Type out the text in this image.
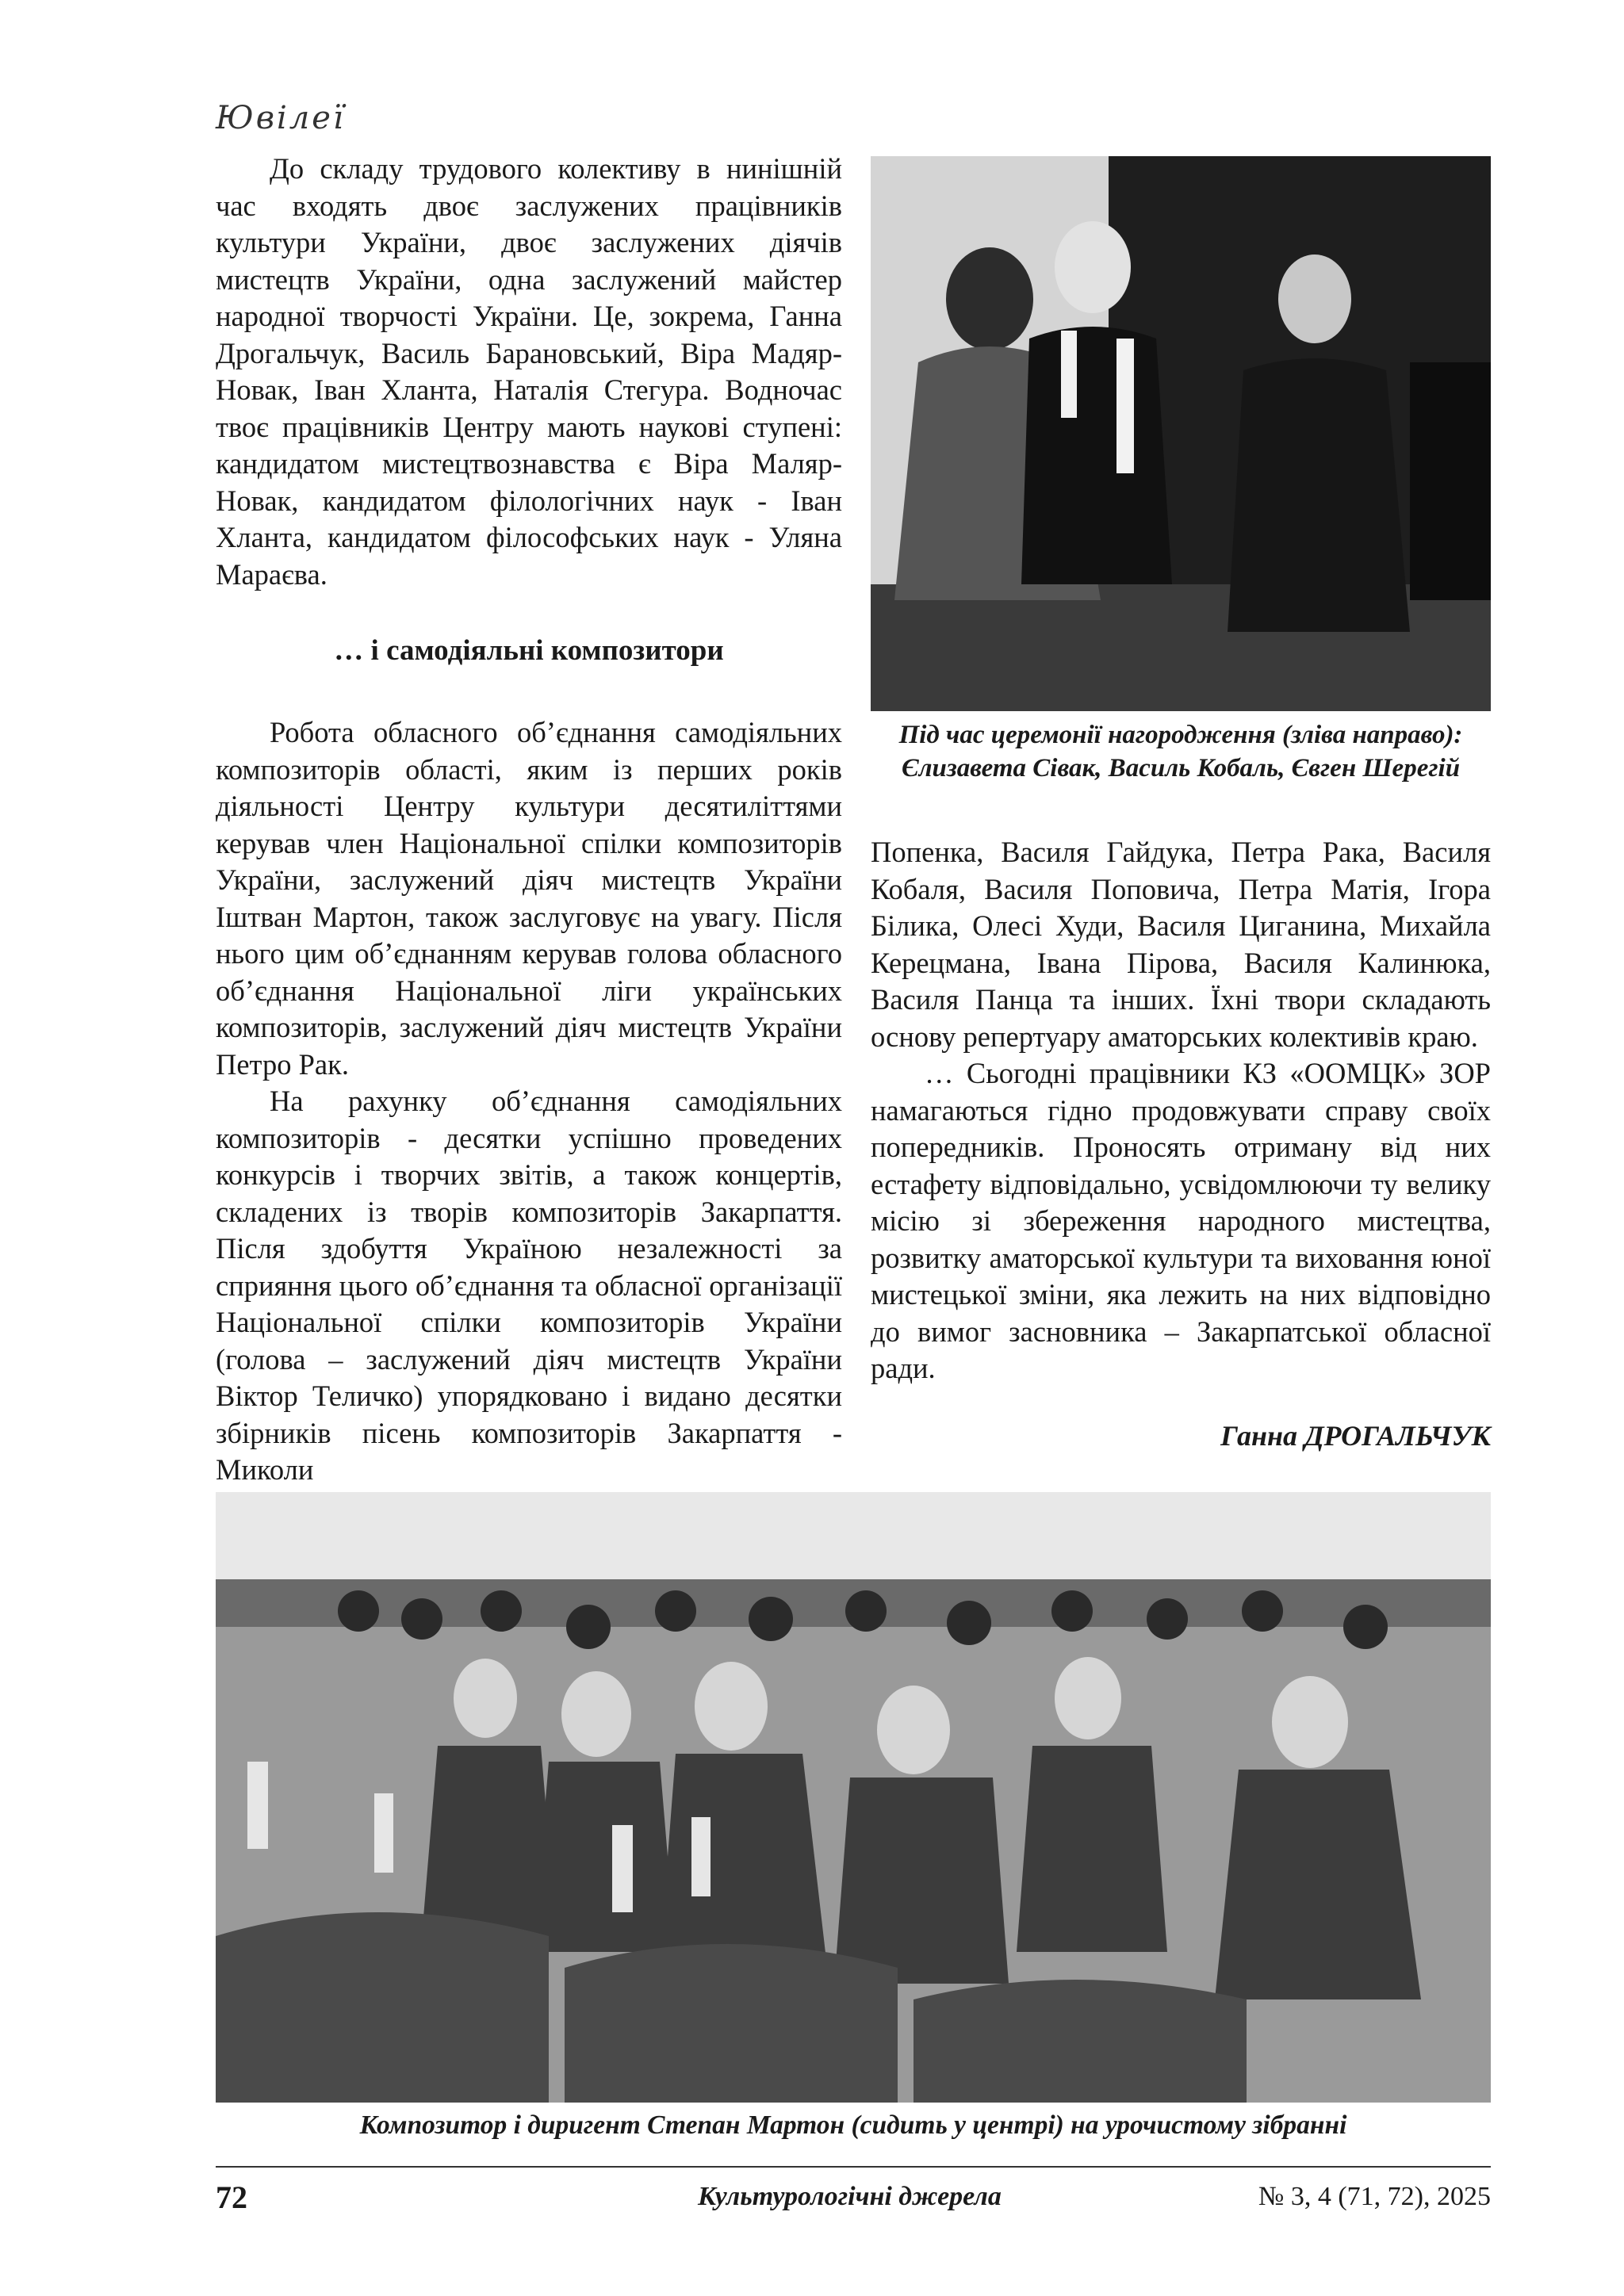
Ювілеї

До складу трудового колективу в нинішній час входять двоє заслужених працівників культури України, двоє заслужених діячів мистецтв України, одна заслужений майстер народної творчості України. Це, зокрема, Ганна Дрогальчук, Василь Барановський, Віра Мадяр-Новак, Іван Хланта, Наталія Стегура. Водночас твоє працівників Центру мають наукові ступені: кандидатом мистецтвознавства є Віра Маляр-Новак, кандидатом філологічних наук - Іван Хланта, кандидатом філософських наук - Уляна Мараєва.

… і самодіяльні композитори

Робота обласного об’єднання самодіяльних композиторів області, яким із перших років діяльності Центру культури десятиліттями керував член Національної спілки композиторів України, заслужений діяч мистецтв України Іштван Мартон, також заслуговує на увагу. Після нього цим об’єднанням керував голова обласного об’єднання Національної ліги українських композиторів, заслужений діяч мистецтв України Петро Рак.

На рахунку об’єднання самодіяльних композиторів - десятки успішно проведених конкурсів і творчих звітів, а також концертів, складених із творів композиторів Закарпаття. Після здобуття Україною незалежності за сприяння цього об’єднання та обласної організації Національної спілки композиторів України (голова – заслужений діяч мистецтв України Віктор Теличко) упорядковано і видано десятки збірників пісень композиторів Закарпаття - Миколи

Під час церемонії нагородження (зліва направо): Єлизавета Сівак, Василь Кобаль, Євген Шерегій

Попенка, Василя Гайдука, Петра Рака, Василя Кобаля, Василя Поповича, Петра Матія, Ігора Білика, Олесі Худи, Василя Циганина, Михайла Керецмана, Івана Пірова, Василя Калинюка, Василя Панца та інших. Їхні твори складають основу репертуару аматорських колективів краю.

… Сьогодні працівники КЗ «ООМЦК» ЗОР намагаються гідно продовжувати справу своїх попередників. Проносять отриману від них естафету відповідально, усвідомлюючи ту велику місію зі збереження народного мистецтва, розвитку аматорської культури та виховання юної мистецької зміни, яка лежить на них відповідно до вимог засновника – Закарпатської обласної ради.

Ганна ДРОГАЛЬЧУК
Композитор і диригент Степан Мартон (сидить у центрі) на урочистому зібранні
72	Культурологічні джерела	№ 3, 4 (71, 72), 2025
